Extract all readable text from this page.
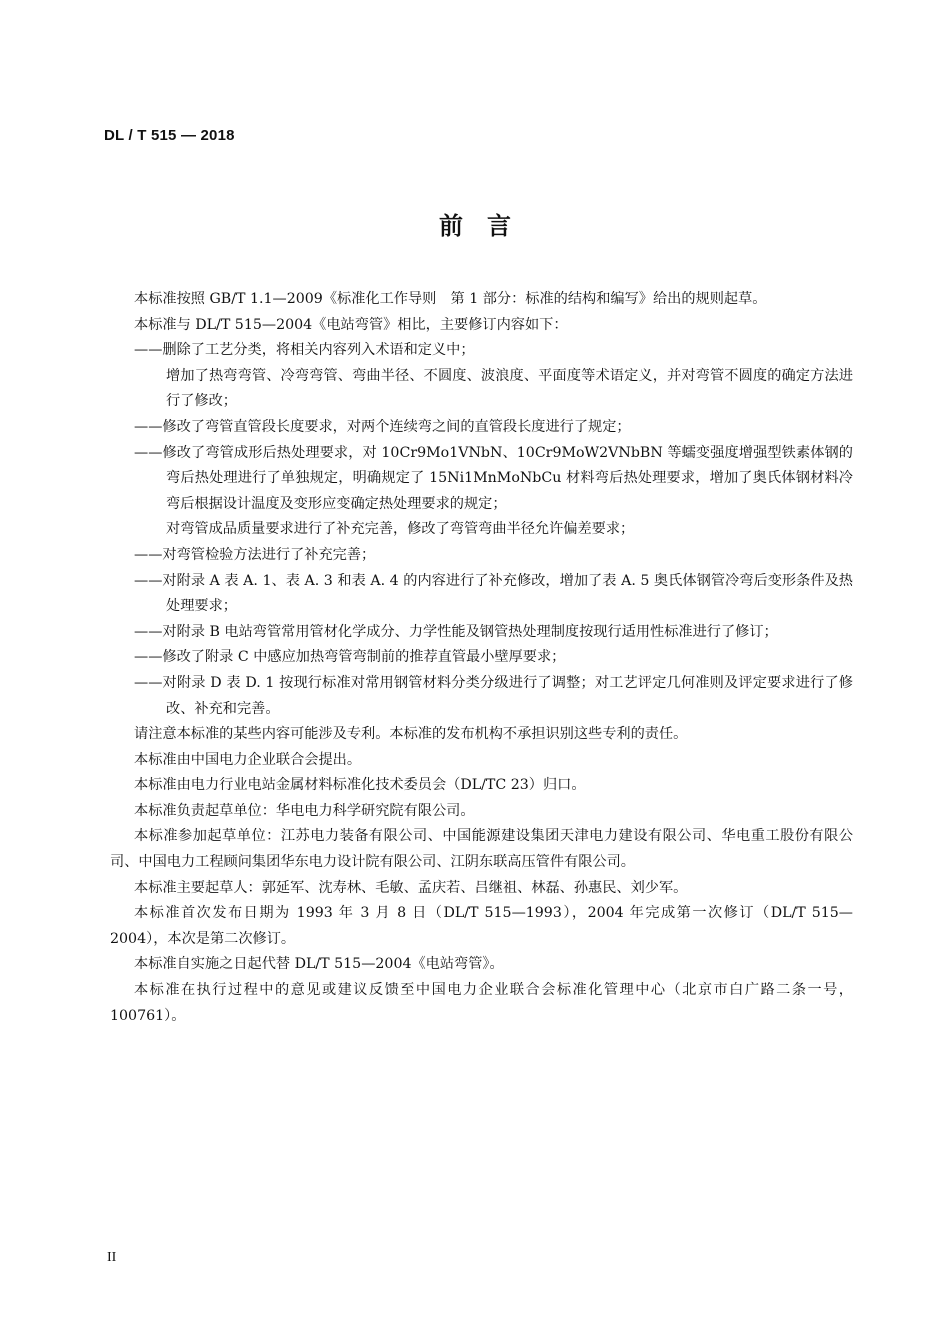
DL / T 515 — 2018
前　言

本标准按照 GB/T 1.1—2009《标准化工作导则　第 1 部分：标准的结构和编写》给出的规则起草。

本标准与 DL/T 515—2004《电站弯管》相比，主要修订内容如下：

——删除了工艺分类，将相关内容列入术语和定义中；

增加了热弯弯管、冷弯弯管、弯曲半径、不圆度、波浪度、平面度等术语定义，并对弯管不圆度的确定方法进行了修改；

——修改了弯管直管段长度要求，对两个连续弯之间的直管段长度进行了规定；

——修改了弯管成形后热处理要求，对 10Cr9Mo1VNbN、10Cr9MoW2VNbBN 等蠕变强度增强型铁素体钢的弯后热处理进行了单独规定，明确规定了 15Ni1MnMoNbCu 材料弯后热处理要求，增加了奥氏体钢材料冷弯后根据设计温度及变形应变确定热处理要求的规定；

对弯管成品质量要求进行了补充完善，修改了弯管弯曲半径允许偏差要求；

——对弯管检验方法进行了补充完善；

——对附录 A 表 A. 1、表 A. 3 和表 A. 4 的内容进行了补充修改，增加了表 A. 5 奥氏体钢管冷弯后变形条件及热处理要求；

——对附录 B 电站弯管常用管材化学成分、力学性能及钢管热处理制度按现行适用性标准进行了修订；

——修改了附录 C 中感应加热弯管弯制前的推荐直管最小壁厚要求；

——对附录 D 表 D. 1 按现行标准对常用钢管材料分类分级进行了调整；对工艺评定几何准则及评定要求进行了修改、补充和完善。

请注意本标准的某些内容可能涉及专利。本标准的发布机构不承担识别这些专利的责任。

本标准由中国电力企业联合会提出。

本标准由电力行业电站金属材料标准化技术委员会（DL/TC 23）归口。

本标准负责起草单位：华电电力科学研究院有限公司。

本标准参加起草单位：江苏电力装备有限公司、中国能源建设集团天津电力建设有限公司、华电重工股份有限公司、中国电力工程顾问集团华东电力设计院有限公司、江阴东联高压管件有限公司。

本标准主要起草人：郭延军、沈寿林、毛敏、孟庆若、吕继祖、林磊、孙惠民、刘少军。

本标准首次发布日期为 1993 年 3 月 8 日（DL/T 515—1993），2004 年完成第一次修订（DL/T 515—2004），本次是第二次修订。

本标准自实施之日起代替 DL/T 515—2004《电站弯管》。

本标准在执行过程中的意见或建议反馈至中国电力企业联合会标准化管理中心（北京市白广路二条一号，100761）。

II
